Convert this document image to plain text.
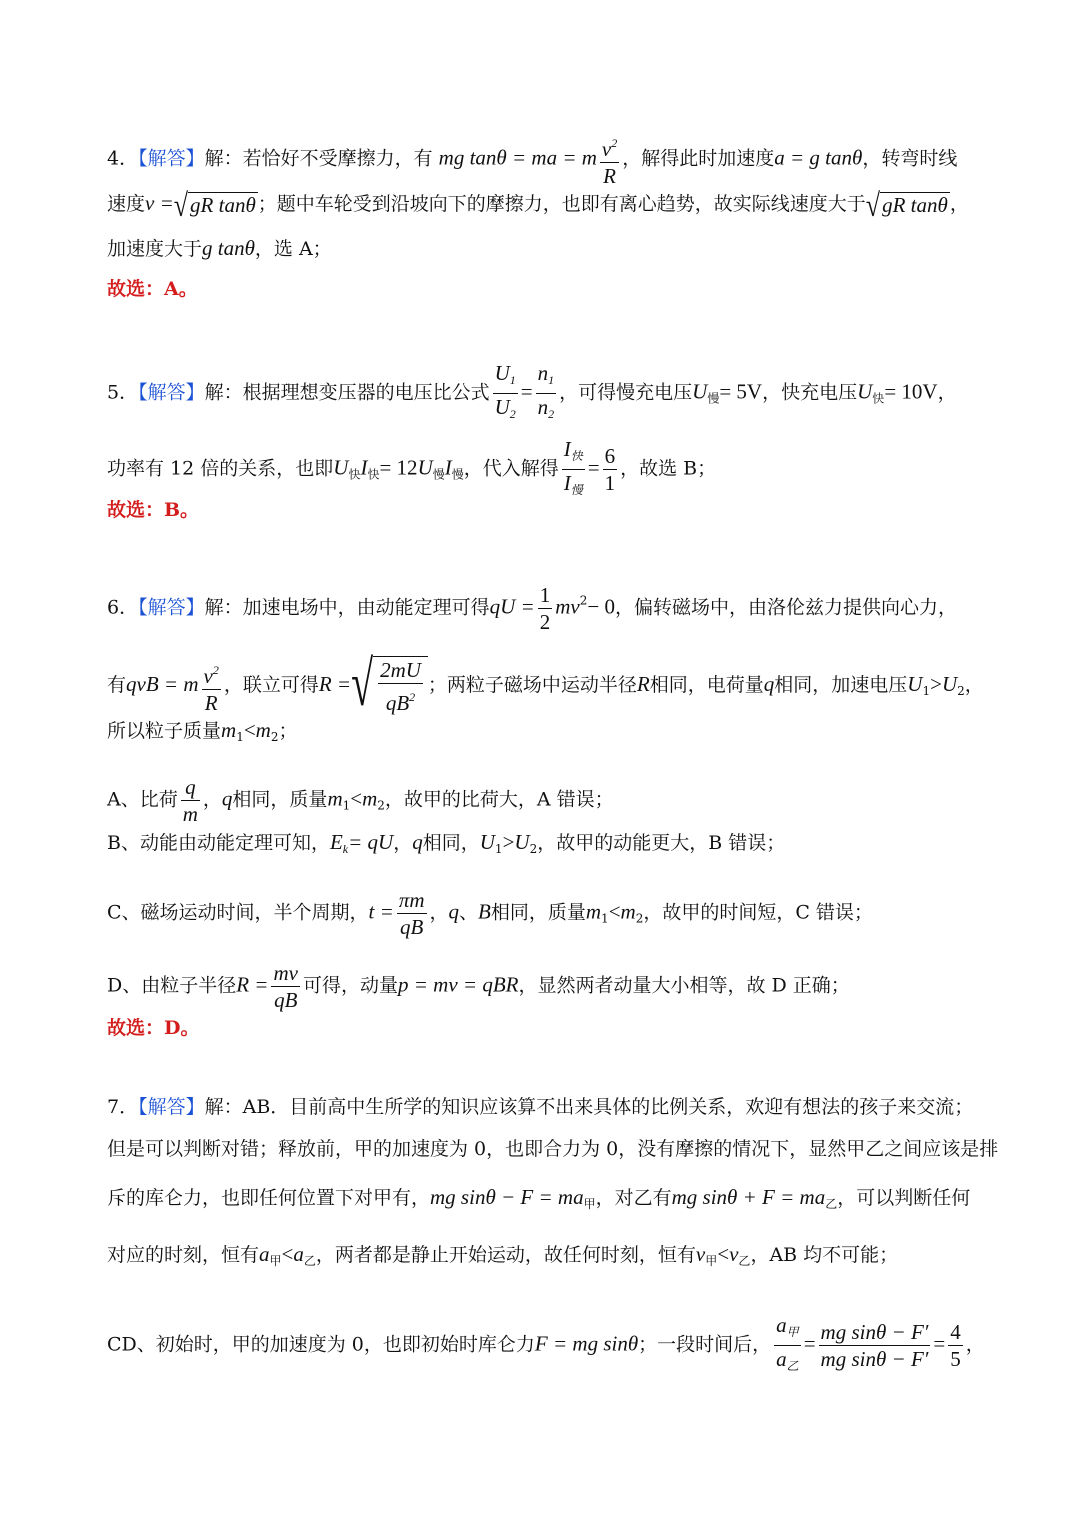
4．【解答】解：若恰好不受摩擦力，有 mg tanθ = ma = m $\frac{v^2}{R}$ ，解得此时加速度a = g tanθ，转弯时线
速度v =√gR tanθ ；题中车轮受到沿坡向下的摩擦力，也即有离心趋势，故实际线速度大于√gR tanθ ，
加速度大于g tanθ，选 A；
故选：A。
5．【解答】解：根据理想变压器的电压比公式 $\frac{U_1}{U_2} = \frac{n_1}{n_2}$ ，可得慢充电压$U_慢= 5V$，快充电压$U_快= 10V$，
功率有 12 倍的关系，也即$U_快I_快= 12U_慢I_慢$，代入解得 $\frac{I_快}{I_慢} = \frac{6}{1}$ ，故选 B；
故选：B。
6．【解答】解：加速电场中，由动能定理可得qU = $\frac{1}{2} mv^2- 0$，偏转磁场中，由洛伦兹力提供向心力，
有qvB = m $\frac{v^2}{R}$ ，联立可得R =√ $\frac{2mU}{qB^2}$ ；两粒子磁场中运动半径R相同，电荷量q相同，加速电压$U_1>U_2$，
所以粒子质量$m_1<m_2$；
A、比荷 $\frac{q}{m}$ ，q相同，质量$m_1<m_2$，故甲的比荷大，A 错误；
B、动能由动能定理可知，$E_k=$ qU，q相同，$U_1>U_2$，故甲的动能更大，B 错误；
C、磁场运动时间，半个周期，$t = \frac{\pi m}{qB}$ ，q、B相同，质量$m_1<m_2$，故甲的时间短，C 错误；
D、由粒子半径$R = \frac{mv}{qB}$ 可得，动量p = mv = qBR，显然两者动量大小相等，故 D 正确；
故选：D。
7．【解答】解：AB．目前高中生所学的知识应该算不出来具体的比例关系，欢迎有想法的孩子来交流；
但是可以判断对错；释放前，甲的加速度为 0，也即合力为 0，没有摩擦的情况下，显然甲乙之间应该是排
斥的库仑力，也即任何位置下对甲有，mg $\sin\theta - F = ma_甲$，对乙有mg $\sin\theta + F = ma_乙$，可以判断任何
对应的时刻，恒有$a_甲<a_乙$，两者都是静止开始运动，故任何时刻，恒有$v_甲<v_乙$，AB 均不可能；
CD、初始时，甲的加速度为 0，也即初始时库仑力F = mg sinθ；一段时间后， $\frac{a_甲}{a_乙} = \frac{\text{mg sinθ − F′}}{\text{mg sinθ − F′}} = \frac{4}{5}$ ，
